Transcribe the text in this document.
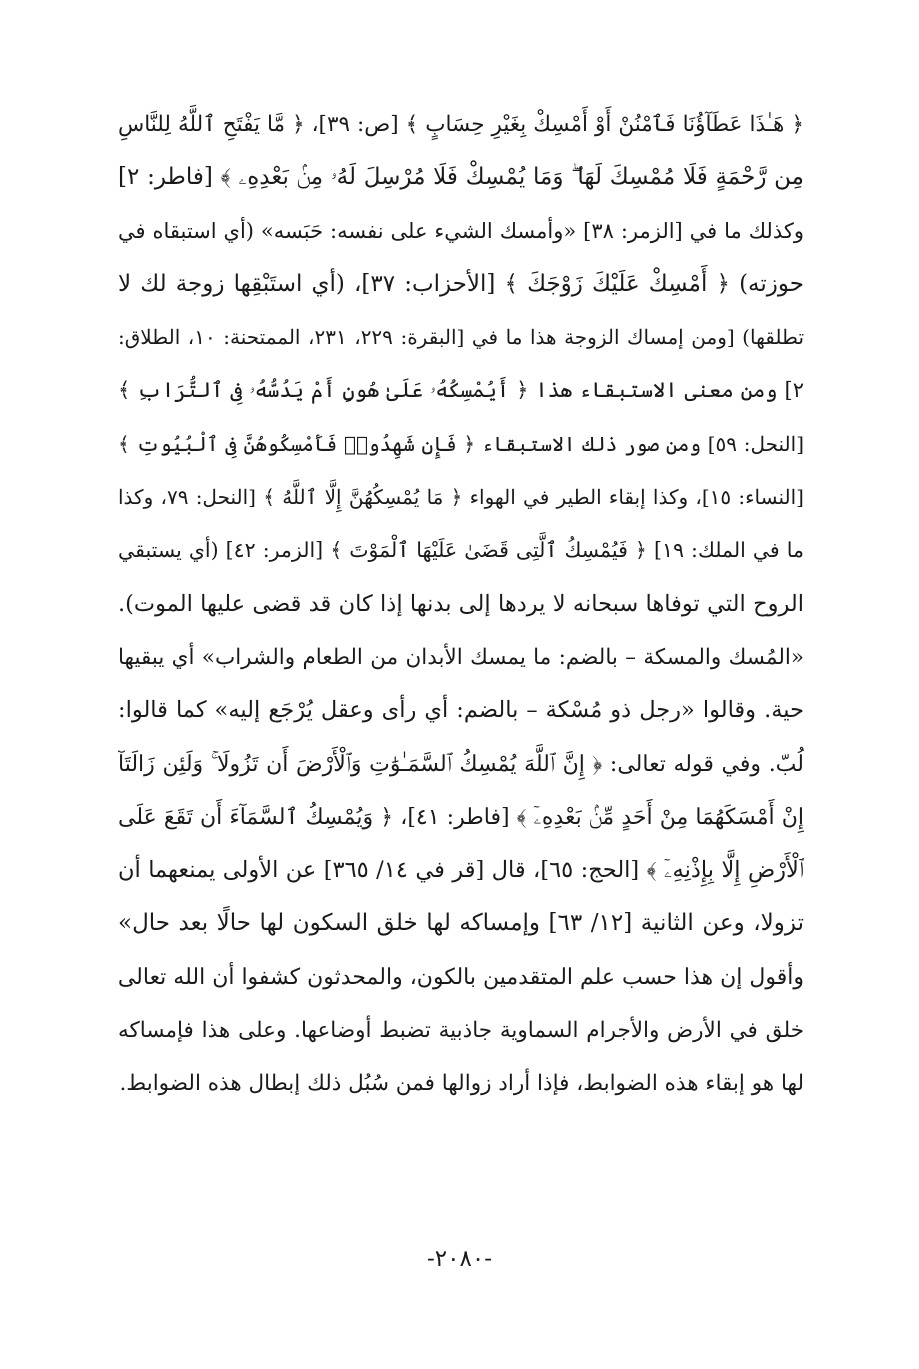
﴿ هَـٰذَا عَطَآؤُنَا فَٱمْنُنْ أَوْ أَمْسِكْ بِغَيْرِ حِسَابٍ ﴾ [ص: ٣٩]، ﴿ مَّا يَفْتَحِ ٱللَّهُ لِلنَّاسِ
مِن رَّحْمَةٍ فَلَا مُمْسِكَ لَهَا ۖ وَمَا يُمْسِكْ فَلَا مُرْسِلَ لَهُۥ مِنۢ بَعْدِهِۦ ﴾ [فاطر: ٢]
وكذلك ما في [الزمر: ٣٨] «وأمسك الشيء على نفسه: حَبَسه» (أي استبقاه في
حوزته) ﴿ أَمْسِكْ عَلَيْكَ زَوْجَكَ ﴾ [الأحزاب: ٣٧]، (أي استَبْقِها زوجة لك لا
تطلقها) [ومن إمساك الزوجة هذا ما في [البقرة: ٢٢٩، ٢٣١، الممتحنة: ١٠، الطلاق:
٢] ومن معنى الاستبقاء هذا ﴿ أَيُمْسِكُهُۥ عَلَىٰ هُونٍ أَمْ يَدُسُّهُۥ فِى ٱلتُّرَابِ ﴾
[النحل: ٥٩] ومن صور ذلك الاستبقاء ﴿ فَإِن شَهِدُوا۟ فَأَمْسِكُوهُنَّ فِى ٱلْبُيُوتِ ﴾
[النساء: ١٥]، وكذا إبقاء الطير في الهواء ﴿ مَا يُمْسِكُهُنَّ إِلَّا ٱللَّهُ ﴾ [النحل: ٧٩، وكذا
ما في الملك: ١٩] ﴿ فَيُمْسِكُ ٱلَّتِى قَضَىٰ عَلَيْهَا ٱلْمَوْتَ ﴾ [الزمر: ٤٢] (أي يستبقي
الروح التي توفاها سبحانه لا يردها إلى بدنها إذا كان قد قضى عليها الموت).
«المُسك والمسكة – بالضم: ما يمسك الأبدان من الطعام والشراب» أي يبقيها
حية. وقالوا «رجل ذو مُسْكة – بالضم: أي رأى وعقل يُرْجَع إليه» كما قالوا:
لُبّ. وفي قوله تعالى: ﴿ إِنَّ ٱللَّهَ يُمْسِكُ ٱلسَّمَـٰوَٰتِ وَٱلْأَرْضَ أَن تَزُولَا ۚ وَلَئِن زَالَتَآ
إِنْ أَمْسَكَهُمَا مِنْ أَحَدٍ مِّنۢ بَعْدِهِۦٓ ﴾ [فاطر: ٤١]، ﴿ وَيُمْسِكُ ٱلسَّمَآءَ أَن تَقَعَ عَلَى
ٱلْأَرْضِ إِلَّا بِإِذْنِهِۦٓ ﴾ [الحج: ٦٥]، قال [قر في ١٤/ ٣٦٥] عن الأولى يمنعهما أن
تزولا، وعن الثانية [١٢/ ٦٣] وإمساكه لها خلق السكون لها حالًا بعد حال»
وأقول إن هذا حسب علم المتقدمين بالكون، والمحدثون كشفوا أن الله تعالى
خلق في الأرض والأجرام السماوية جاذبية تضبط أوضاعها. وعلى هذا فإمساكه
لها هو إبقاء هذه الضوابط، فإذا أراد زوالها فمن سُبُل ذلك إبطال هذه الضوابط.
-٢٠٨٠-
